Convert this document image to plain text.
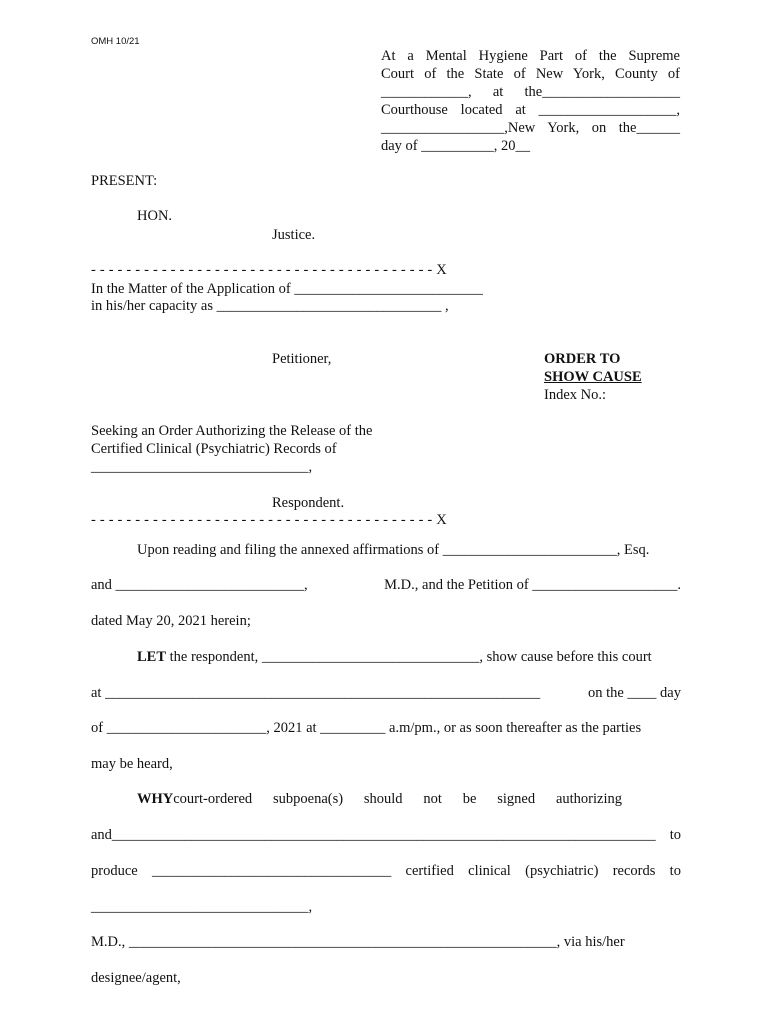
OMH 10/21
At a Mental Hygiene Part of the Supreme
Court of the State of New York, County of
____________, at the___________________
Courthouse located at ___________________,
_________________,New York, on the______
day of __________, 20__
PRESENT:
HON.
Justice.
- - - - - - - - - - - - - - - - - - - - - - - - - - - - - - - - - - - - - - - X
In the Matter of the Application of __________________________
in his/her capacity as _______________________________ ,
Petitioner,	ORDER TO
SHOW CAUSE
Index No.:
Seeking an Order Authorizing the Release of the
Certified Clinical (Psychiatric) Records of
______________________________,
Respondent.
- - - - - - - - - - - - - - - - - - - - - - - - - - - - - - - - - - - - - - - X
Upon reading and filing the annexed affirmations of ________________________, Esq.
and __________________________,	M.D., and the Petition of ____________________.
dated May 20, 2021 herein;
LET the respondent, ______________________________, show cause before this court
at ____________________________________________________________	on the ____ day
of ______________________, 2021 at _________ a.m/pm., or as soon thereafter as the parties
may be heard,
WHYcourt-ordered subpoena(s) should not be signed authorizing
and___________________________________________________________________________ to
produce _________________________________ certified clinical (psychiatric) records to
______________________________,
M.D., ___________________________________________________________, via his/her
designee/agent,
